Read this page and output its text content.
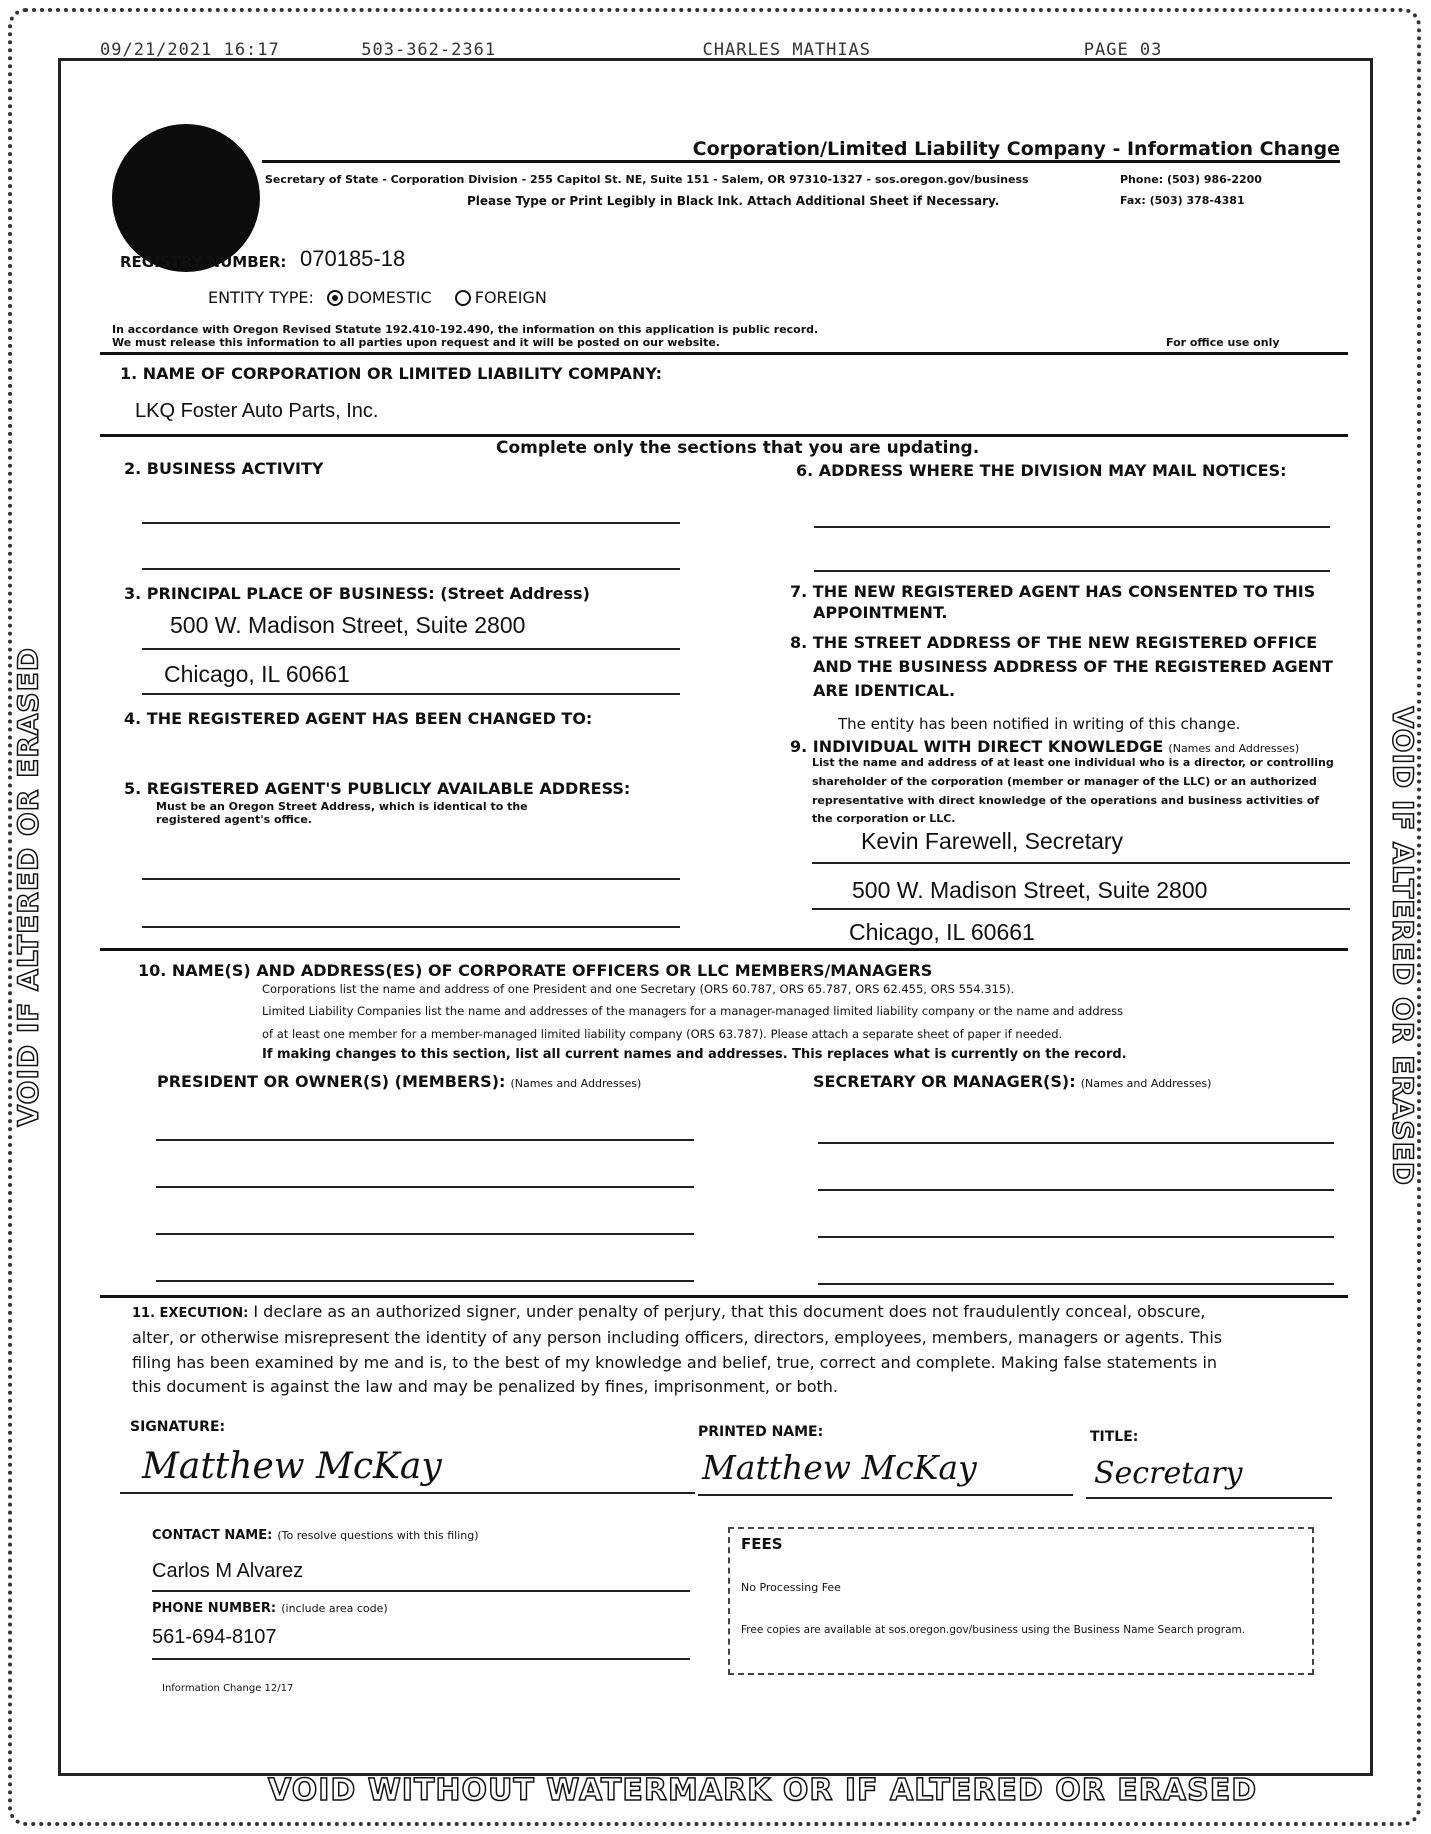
09/21/2021 16:17	503-362-2361	CHARLES MATHIAS	PAGE 03
Corporation/Limited Liability Company - Information Change
Secretary of State - Corporation Division - 255 Capitol St. NE, Suite 151 - Salem, OR 97310-1327 - sos.oregon.gov/business	Phone: (503) 986-2200
Please Type or Print Legibly in Black Ink. Attach Additional Sheet if Necessary.	Fax: (503) 378-4381
REGISTRY NUMBER: 070185-18
ENTITY TYPE: DOMESTIC	FOREIGN
In accordance with Oregon Revised Statute 192.410-192.490, the information on this application is public record.
We must release this information to all parties upon request and it will be posted on our website.	For office use only
1. NAME OF CORPORATION OR LIMITED LIABILITY COMPANY:
LKQ Foster Auto Parts, Inc.
Complete only the sections that you are updating.
2. BUSINESS ACTIVITY
3. PRINCIPAL PLACE OF BUSINESS: (Street Address)
500 W. Madison Street, Suite 2800
Chicago, IL 60661
4. THE REGISTERED AGENT HAS BEEN CHANGED TO:
5. REGISTERED AGENT'S PUBLICLY AVAILABLE ADDRESS:
Must be an Oregon Street Address, which is identical to the
registered agent's office.
6. ADDRESS WHERE THE DIVISION MAY MAIL NOTICES:
7. THE NEW REGISTERED AGENT HAS CONSENTED TO THIS
APPOINTMENT.
8. THE STREET ADDRESS OF THE NEW REGISTERED OFFICE
AND THE BUSINESS ADDRESS OF THE REGISTERED AGENT
ARE IDENTICAL.
The entity has been notified in writing of this change.
9. INDIVIDUAL WITH DIRECT KNOWLEDGE (Names and Addresses)
List the name and address of at least one individual who is a director, or controlling
shareholder of the corporation (member or manager of the LLC) or an authorized
representative with direct knowledge of the operations and business activities of
the corporation or LLC.
Kevin Farewell, Secretary
500 W. Madison Street, Suite 2800
Chicago, IL 60661
10. NAME(S) AND ADDRESS(ES) OF CORPORATE OFFICERS OR LLC MEMBERS/MANAGERS
Corporations list the name and address of one President and one Secretary (ORS 60.787, ORS 65.787, ORS 62.455, ORS 554.315).
Limited Liability Companies list the name and addresses of the managers for a manager-managed limited liability company or the name and address
of at least one member for a member-managed limited liability company (ORS 63.787). Please attach a separate sheet of paper if needed.
If making changes to this section, list all current names and addresses. This replaces what is currently on the record.
PRESIDENT OR OWNER(S) (MEMBERS): (Names and Addresses)	SECRETARY OR MANAGER(S): (Names and Addresses)
11. EXECUTION: I declare as an authorized signer, under penalty of perjury, that this document does not fraudulently conceal, obscure,
alter, or otherwise misrepresent the identity of any person including officers, directors, employees, members, managers or agents. This
filing has been examined by me and is, to the best of my knowledge and belief, true, correct and complete. Making false statements in
this document is against the law and may be penalized by fines, imprisonment, or both.
SIGNATURE:
Matthew McKay
PRINTED NAME:
Matthew McKay
TITLE:
Secretary
CONTACT NAME: (To resolve questions with this filing)
Carlos M Alvarez
PHONE NUMBER: (include area code)
561-694-8107
Information Change 12/17
FEES
No Processing Fee
Free copies are available at sos.oregon.gov/business using the Business Name Search program.
VOID IF ALTERED OR ERASED	VOID IF ALTERED OR ERASED
VOID WITHOUT WATERMARK OR IF ALTERED OR ERASED
